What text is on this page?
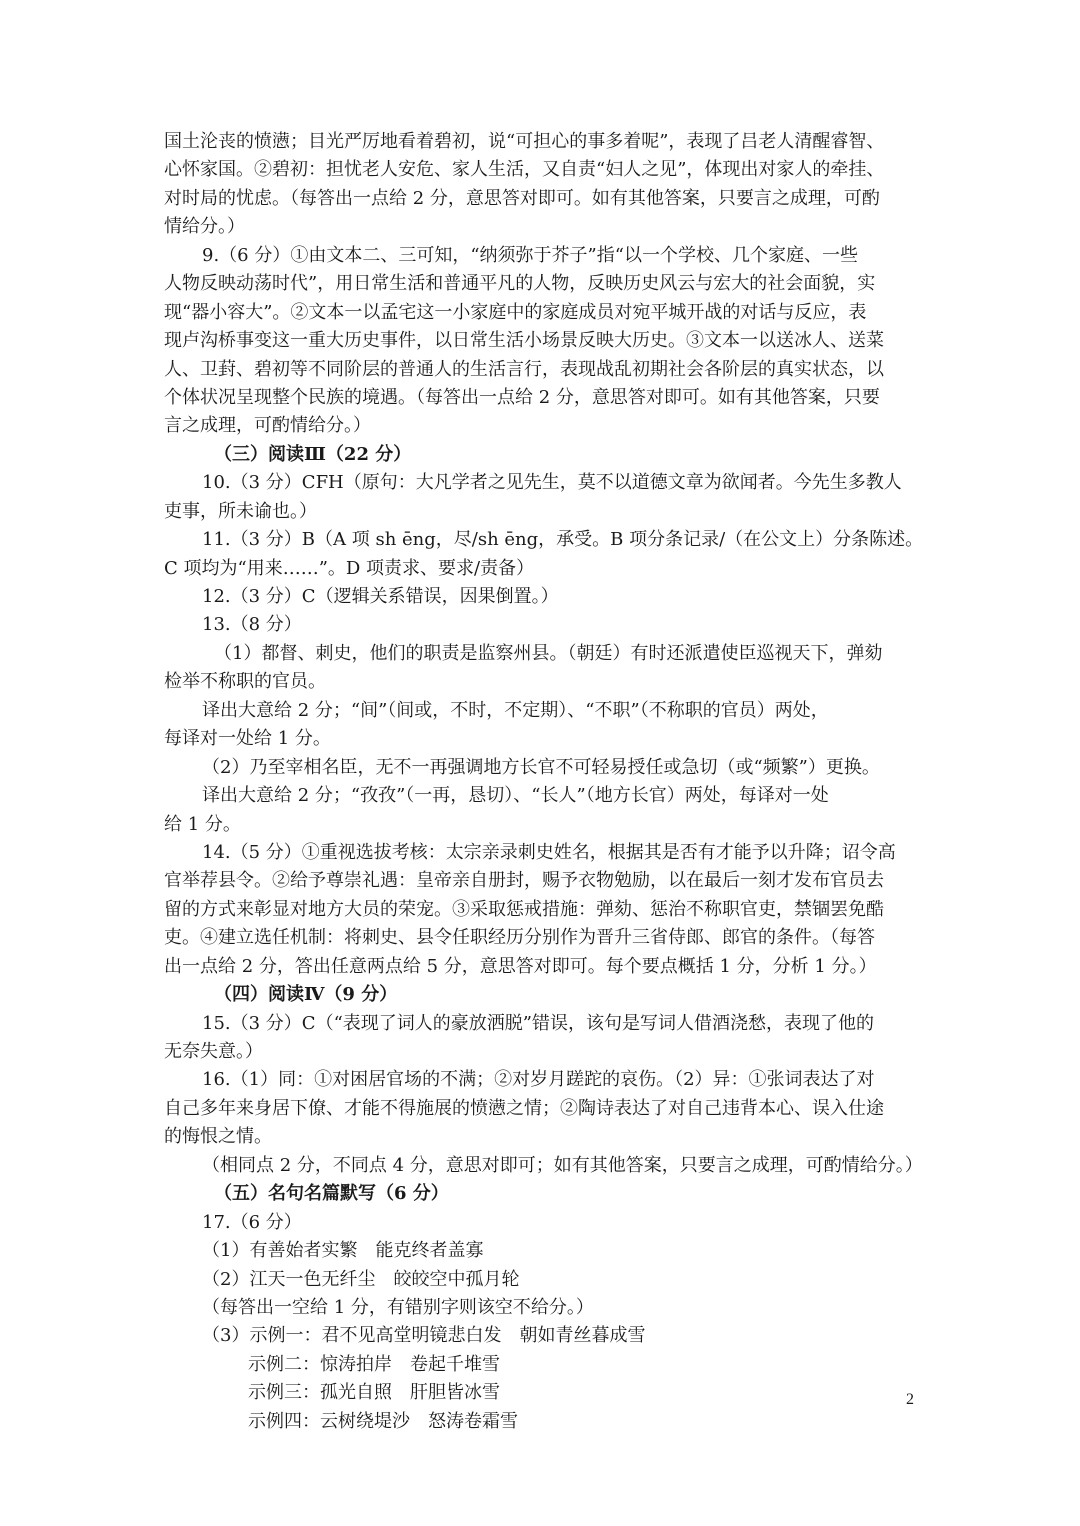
国土沦丧的愤懑；目光严厉地看着碧初，说“可担心的事多着呢”，表现了吕老人清醒睿智、
心怀家国。②碧初：担忧老人安危、家人生活，又自责“妇人之见”，体现出对家人的牵挂、
对时局的忧虑。（每答出一点给 2 分，意思答对即可。如有其他答案，只要言之成理，可酌
情给分。）
9.（6 分）①由文本二、三可知，“纳须弥于芥子”指“以一个学校、几个家庭、一些
人物反映动荡时代”，用日常生活和普通平凡的人物，反映历史风云与宏大的社会面貌，实
现“器小容大”。②文本一以孟宅这一小家庭中的家庭成员对宛平城开战的对话与反应，表
现卢沟桥事变这一重大历史事件，以日常生活小场景反映大历史。③文本一以送冰人、送菜
人、卫葑、碧初等不同阶层的普通人的生活言行，表现战乱初期社会各阶层的真实状态，以
个体状况呈现整个民族的境遇。（每答出一点给 2 分，意思答对即可。如有其他答案，只要
言之成理，可酌情给分。）
（三）阅读Ⅲ（22 分）
10.（3 分）CFH（原句：大凡学者之见先生，莫不以道德文章为欲闻者。今先生多教人
吏事，所未谕也。）
11.（3 分）B（A 项 sh ēng，尽/sh ēng，承受。B 项分条记录/（在公文上）分条陈述。
C 项均为“用来……”。D 项责求、要求/责备）
12.（3 分）C（逻辑关系错误，因果倒置。）
13.（8 分）
（1）都督、刺史，他们的职责是监察州县。（朝廷）有时还派遣使臣巡视天下，弹劾
检举不称职的官员。
译出大意给 2 分；“间”（间或，不时，不定期）、“不职”（不称职的官员）两处，
每译对一处给 1 分。
（2）乃至宰相名臣，无不一再强调地方长官不可轻易授任或急切（或“频繁”）更换。
译出大意给 2 分；“孜孜”（一再，恳切）、“长人”（地方长官）两处，每译对一处
给 1 分。
14.（5 分）①重视选拔考核：太宗亲录刺史姓名，根据其是否有才能予以升降；诏令高
官举荐县令。②给予尊崇礼遇：皇帝亲自册封，赐予衣物勉励，以在最后一刻才发布官员去
留的方式来彰显对地方大员的荣宠。③采取惩戒措施：弹劾、惩治不称职官吏，禁锢罢免酷
吏。④建立选任机制：将刺史、县令任职经历分别作为晋升三省侍郎、郎官的条件。（每答
出一点给 2 分，答出任意两点给 5 分，意思答对即可。每个要点概括 1 分，分析 1 分。）
（四）阅读Ⅳ（9 分）
15.（3 分）C（“表现了词人的豪放洒脱”错误，该句是写词人借酒浇愁，表现了他的
无奈失意。）
16.（1）同：①对困居官场的不满；②对岁月蹉跎的哀伤。（2）异：①张词表达了对
自己多年来身居下僚、才能不得施展的愤懑之情；②陶诗表达了对自己违背本心、误入仕途
的悔恨之情。
（相同点 2 分，不同点 4 分，意思对即可；如有其他答案，只要言之成理，可酌情给分。）
（五）名句名篇默写（6 分）
17.（6 分）
（1）有善始者实繁　能克终者盖寡
（2）江天一色无纤尘　皎皎空中孤月轮
（每答出一空给 1 分，有错别字则该空不给分。）
（3）示例一：君不见高堂明镜悲白发　朝如青丝暮成雪
示例二：惊涛拍岸　卷起千堆雪
示例三：孤光自照　肝胆皆冰雪
示例四：云树绕堤沙　怒涛卷霜雪
2
